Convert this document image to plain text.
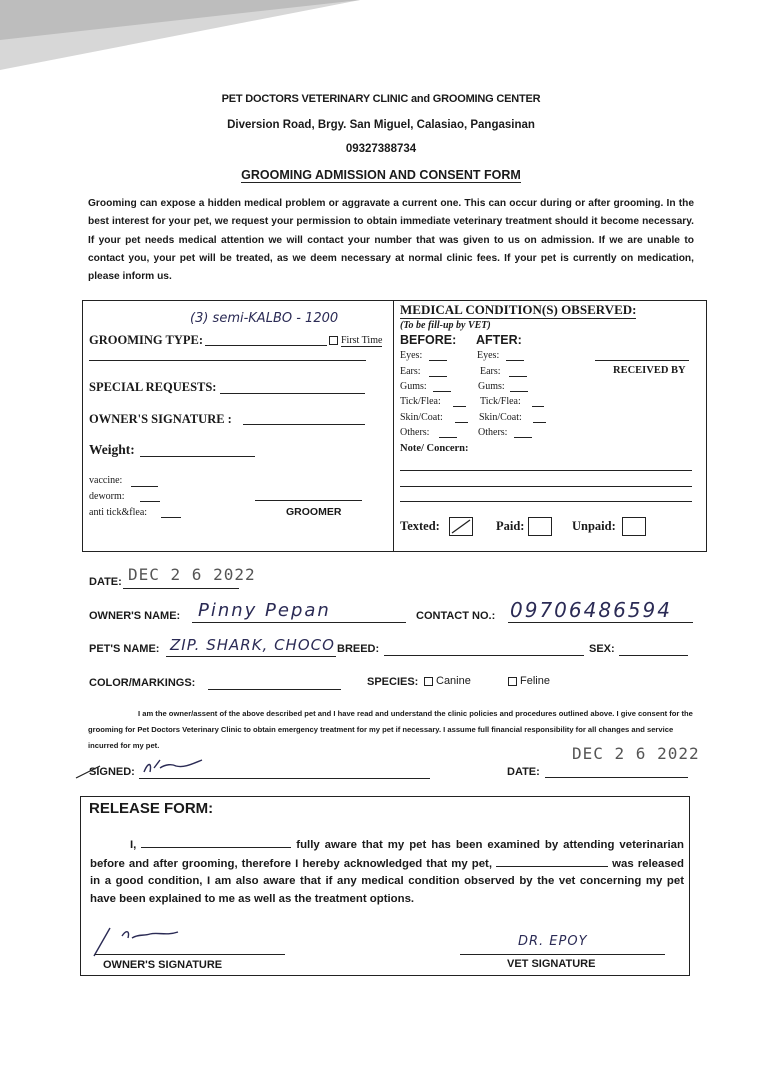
PET DOCTORS VETERINARY CLINIC and GROOMING CENTER
Diversion Road, Brgy. San Miguel, Calasiao, Pangasinan
09327388734
GROOMING ADMISSION AND CONSENT FORM
Grooming can expose a hidden medical problem or aggravate a current one. This can occur during or after grooming. In the best interest for your pet, we request your permission to obtain immediate veterinary treatment should it become necessary. If your pet needs medical attention we will contact your number that was given to us on admission. If we are unable to contact you, your pet will be treated, as we deem necessary at normal clinic fees. If your pet is currently on medication, please inform us.
(3) semi-KALBO - 1200
GROOMING TYPE:	First Time
SPECIAL REQUESTS:
OWNER'S SIGNATURE :
Weight:
vaccine:
deworm:
anti tick&flea:	GROOMER
MEDICAL CONDITION(S) OBSERVED:
(To be fill-up by VET)
BEFORE: AFTER:
Eyes:	Eyes:
Ears:	Ears:
Gums:	Gums:
Tick/Flea:	Tick/Flea:
Skin/Coat:	Skin/Coat:
Others:	Others:
RECEIVED BY
Note/ Concern:
Texted:	Paid:	Unpaid:
DATE: DEC 2 6 2022
OWNER'S NAME: Pinny Pepan	CONTACT NO.: 09706486594
PET'S NAME: ZIP. SHARK, CHOCO BREED:	SEX:
COLOR/MARKINGS:	SPECIES:	Canine	Feline
I am the owner/assent of the above described pet and I have read and understand the clinic policies and procedures outlined above. I give consent for the grooming for Pet Doctors Veterinary Clinic to obtain emergency treatment for my pet if necessary. I assume full financial responsibility for all changes and service incurred for my pet.
SIGNED:	DATE:
DEC 2 6 2022
RELEASE FORM:
I,	fully aware that my pet has been examined by attending veterinarian before and after grooming, therefore I hereby acknowledged that my pet,	was released in a good condition, I am also aware that if any medical condition observed by the vet concerning my pet have been explained to me as well as the treatment options.
OWNER'S SIGNATURE
DR. EPOY
VET SIGNATURE
